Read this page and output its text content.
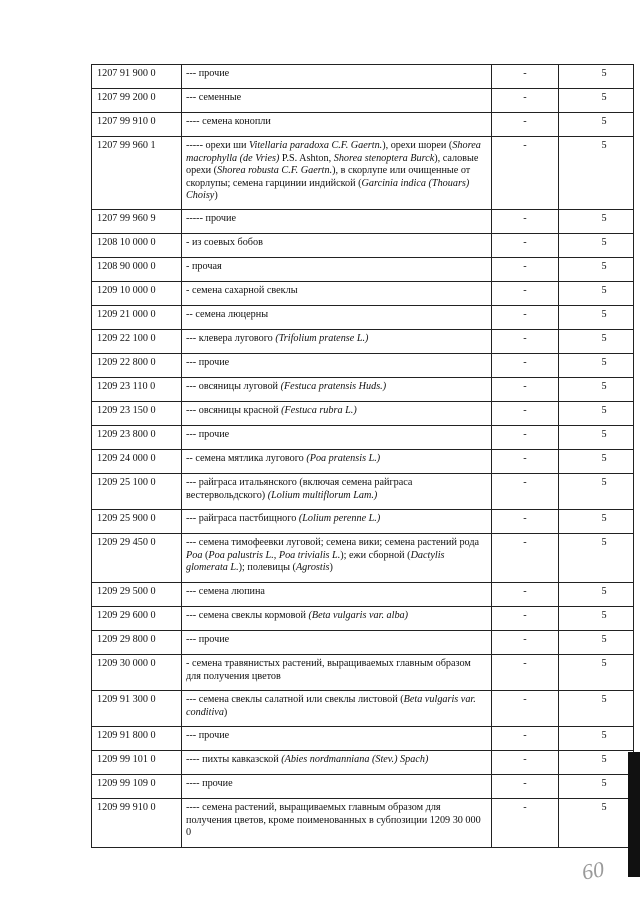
1207 91 900 0	--- прочие	-	5
1207 99 200 0	--- семенные	-	5
1207 99 910 0	---- семена конопли	-	5
1207 99 960 1	----- орехи ши Vitellaria paradoxa C.F. Gaertn.), орехи шореи (Shorea macrophylla (de Vries) P.S. Ashton, Shorea stenoptera Burck), саловые орехи (Shorea robusta C.F. Gaertn.), в скорлупе или очищенные от скорлупы; семена гарцинии индийской (Garcinia indica (Thouars) Choisy)	-	5
1207 99 960 9	----- прочие	-	5
1208 10 000 0	- из соевых бобов	-	5
1208 90 000 0	- прочая	-	5
1209 10 000 0	- семена сахарной свеклы	-	5
1209 21 000 0	-- семена люцерны	-	5
1209 22 100 0	--- клевера лугового (Trifolium pratense L.)	-	5
1209 22 800 0	--- прочие	-	5
1209 23 110 0	--- овсяницы луговой (Festuca pratensis Huds.)	-	5
1209 23 150 0	--- овсяницы красной (Festuca rubra L.)	-	5
1209 23 800 0	--- прочие	-	5
1209 24 000 0	-- семена мятлика лугового (Poa pratensis L.)	-	5
1209 25 100 0	--- райграса итальянского (включая семена райграса вестервольдского) (Lolium multiflorum Lam.)	-	5
1209 25 900 0	--- райграса пастбищного (Lolium perenne L.)	-	5
1209 29 450 0	--- семена тимофеевки луговой; семена вики; семена растений рода Poa (Poa palustris L., Poa trivialis L.); ежи сборной (Dactylis glomerata L.); полевицы (Agrostis)	-	5
1209 29 500 0	--- семена люпина	-	5
1209 29 600 0	--- семена свеклы кормовой (Beta vulgaris var. alba)	-	5
1209 29 800 0	--- прочие	-	5
1209 30 000 0	- семена травянистых растений, выращиваемых главным образом для получения цветов	-	5
1209 91 300 0	--- семена свеклы салатной или свеклы листовой (Beta vulgaris var. conditiva)	-	5
1209 91 800 0	--- прочие	-	5
1209 99 101 0	---- пихты кавказской (Abies nordmanniana (Stev.) Spach)	-	5
1209 99 109 0	---- прочие	-	5
1209 99 910 0	---- семена растений, выращиваемых главным образом для получения цветов, кроме поименованных в субпозиции 1209 30 000 0	-	5
60
